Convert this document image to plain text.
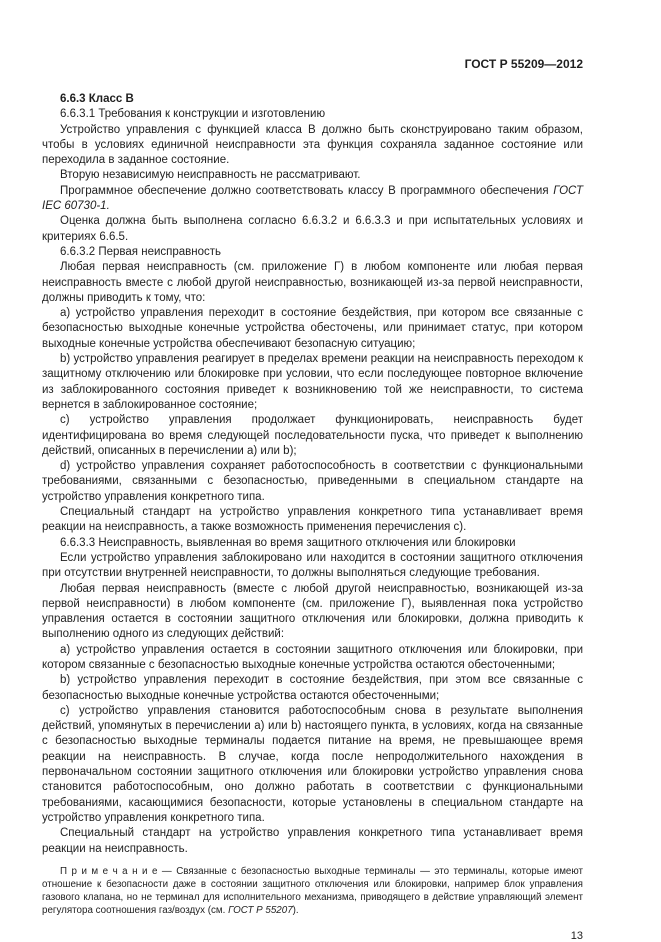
ГОСТ Р 55209—2012

6.6.3 Класс В

6.6.3.1 Требования к конструкции и изготовлению

Устройство управления с функцией класса В должно быть сконструировано таким образом, чтобы в условиях единичной неисправности эта функция сохраняла заданное состояние или переходила в заданное состояние.

Вторую независимую неисправность не рассматривают.

Программное обеспечение должно соответствовать классу В программного обеспечения ГОСТ IEC 60730-1.

Оценка должна быть выполнена согласно 6.6.3.2 и 6.6.3.3 и при испытательных условиях и критериях 6.6.5.

6.6.3.2 Первая неисправность

Любая первая неисправность (см. приложение Г) в любом компоненте или любая первая неисправность вместе с любой другой неисправностью, возникающей из-за первой неисправности, должны приводить к тому, что:

a) устройство управления переходит в состояние бездействия, при котором все связанные с безопасностью выходные конечные устройства обесточены, или принимает статус, при котором выходные конечные устройства обеспечивают безопасную ситуацию;

b) устройство управления реагирует в пределах времени реакции на неисправность переходом к защитному отключению или блокировке при условии, что если последующее повторное включение из заблокированного состояния приведет к возникновению той же неисправности, то система вернется в заблокированное состояние;

c) устройство управления продолжает функционировать, неисправность будет идентифицирована во время следующей последовательности пуска, что приведет к выполнению действий, описанных в перечислении a) или b);

d) устройство управления сохраняет работоспособность в соответствии с функциональными требованиями, связанными с безопасностью, приведенными в специальном стандарте на устройство управления конкретного типа.

Специальный стандарт на устройство управления конкретного типа устанавливает время реакции на неисправность, а также возможность применения перечисления c).

6.6.3.3 Неисправность, выявленная во время защитного отключения или блокировки

Если устройство управления заблокировано или находится в состоянии защитного отключения при отсутствии внутренней неисправности, то должны выполняться следующие требования.

Любая первая неисправность (вместе с любой другой неисправностью, возникающей из-за первой неисправности) в любом компоненте (см. приложение Г), выявленная пока устройство управления остается в состоянии защитного отключения или блокировки, должна приводить к выполнению одного из следующих действий:

a) устройство управления остается в состоянии защитного отключения или блокировки, при котором связанные с безопасностью выходные конечные устройства остаются обесточенными;

b) устройство управления переходит в состояние бездействия, при этом все связанные с безопасностью выходные конечные устройства остаются обесточенными;

c) устройство управления становится работоспособным снова в результате выполнения действий, упомянутых в перечислении a) или b) настоящего пункта, в условиях, когда на связанные с безопасностью выходные терминалы подается питание на время, не превышающее время реакции на неисправность. В случае, когда после непродолжительного нахождения в первоначальном состоянии защитного отключения или блокировки устройство управления снова становится работоспособным, оно должно работать в соответствии с функциональными требованиями, касающимися безопасности, которые установлены в специальном стандарте на устройство управления конкретного типа.

Специальный стандарт на устройство управления конкретного типа устанавливает время реакции на неисправность.

П р и м е ч а н и е — Связанные с безопасностью выходные терминалы — это терминалы, которые имеют отношение к безопасности даже в состоянии защитного отключения или блокировки, например блок управления газового клапана, но не терминал для исполнительного механизма, приводящего в действие управляющий элемент регулятора соотношения газ/воздух (см. ГОСТ Р 55207).
13
